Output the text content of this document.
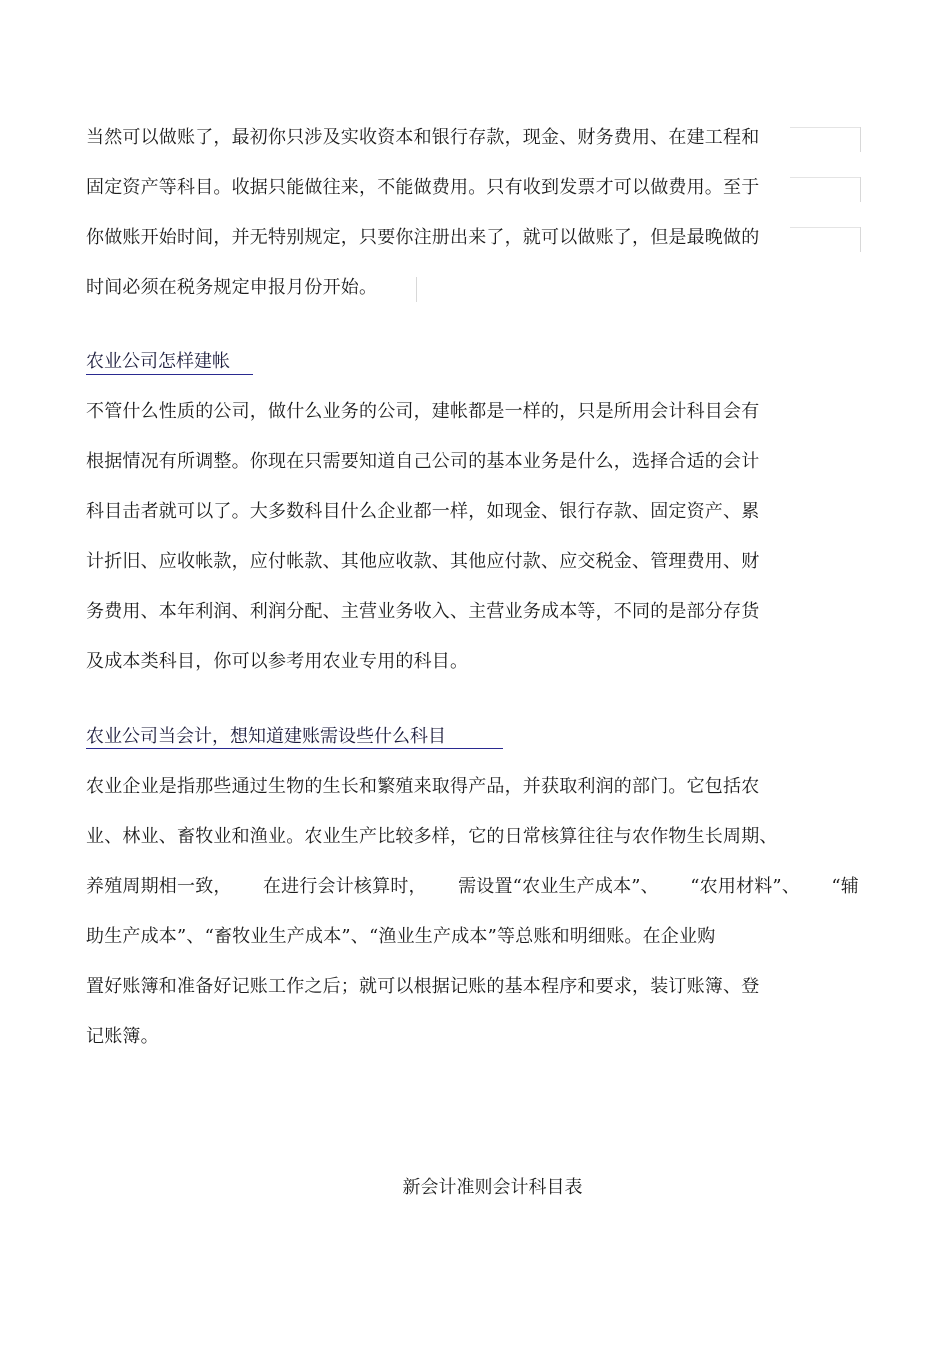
当然可以做账了，最初你只涉及实收资本和银行存款，现金、财务费用、在建工程和
固定资产等科目。收据只能做往来，不能做费用。只有收到发票才可以做费用。至于
你做账开始时间，并无特别规定，只要你注册出来了，就可以做账了，但是最晚做的
时间必须在税务规定申报月份开始。
农业公司怎样建帐
不管什么性质的公司，做什么业务的公司，建帐都是一样的，只是所用会计科目会有
根据情况有所调整。你现在只需要知道自己公司的基本业务是什么，选择合适的会计
科目击者就可以了。大多数科目什么企业都一样，如现金、银行存款、固定资产、累
计折旧、应收帐款，应付帐款、其他应收款、其他应付款、应交税金、管理费用、财
务费用、本年利润、利润分配、主营业务收入、主营业务成本等，不同的是部分存货
及成本类科目，你可以参考用农业专用的科目。
农业公司当会计，想知道建账需设些什么科目
农业企业是指那些通过生物的生长和繁殖来取得产品，并获取利润的部门。它包括农
业、林业、畜牧业和渔业。农业生产比较多样，它的日常核算往往与农作物生长周期、
养殖周期相一致， 在进行会计核算时， 需设置“农业生产成本”、 “农用材料”、 “辅
助生产成本”、“畜牧业生产成本”、“渔业生产成本”等总账和明细账。在企业购
置好账簿和准备好记账工作之后；就可以根据记账的基本程序和要求，装订账簿、登
记账簿。
新会计准则会计科目表
